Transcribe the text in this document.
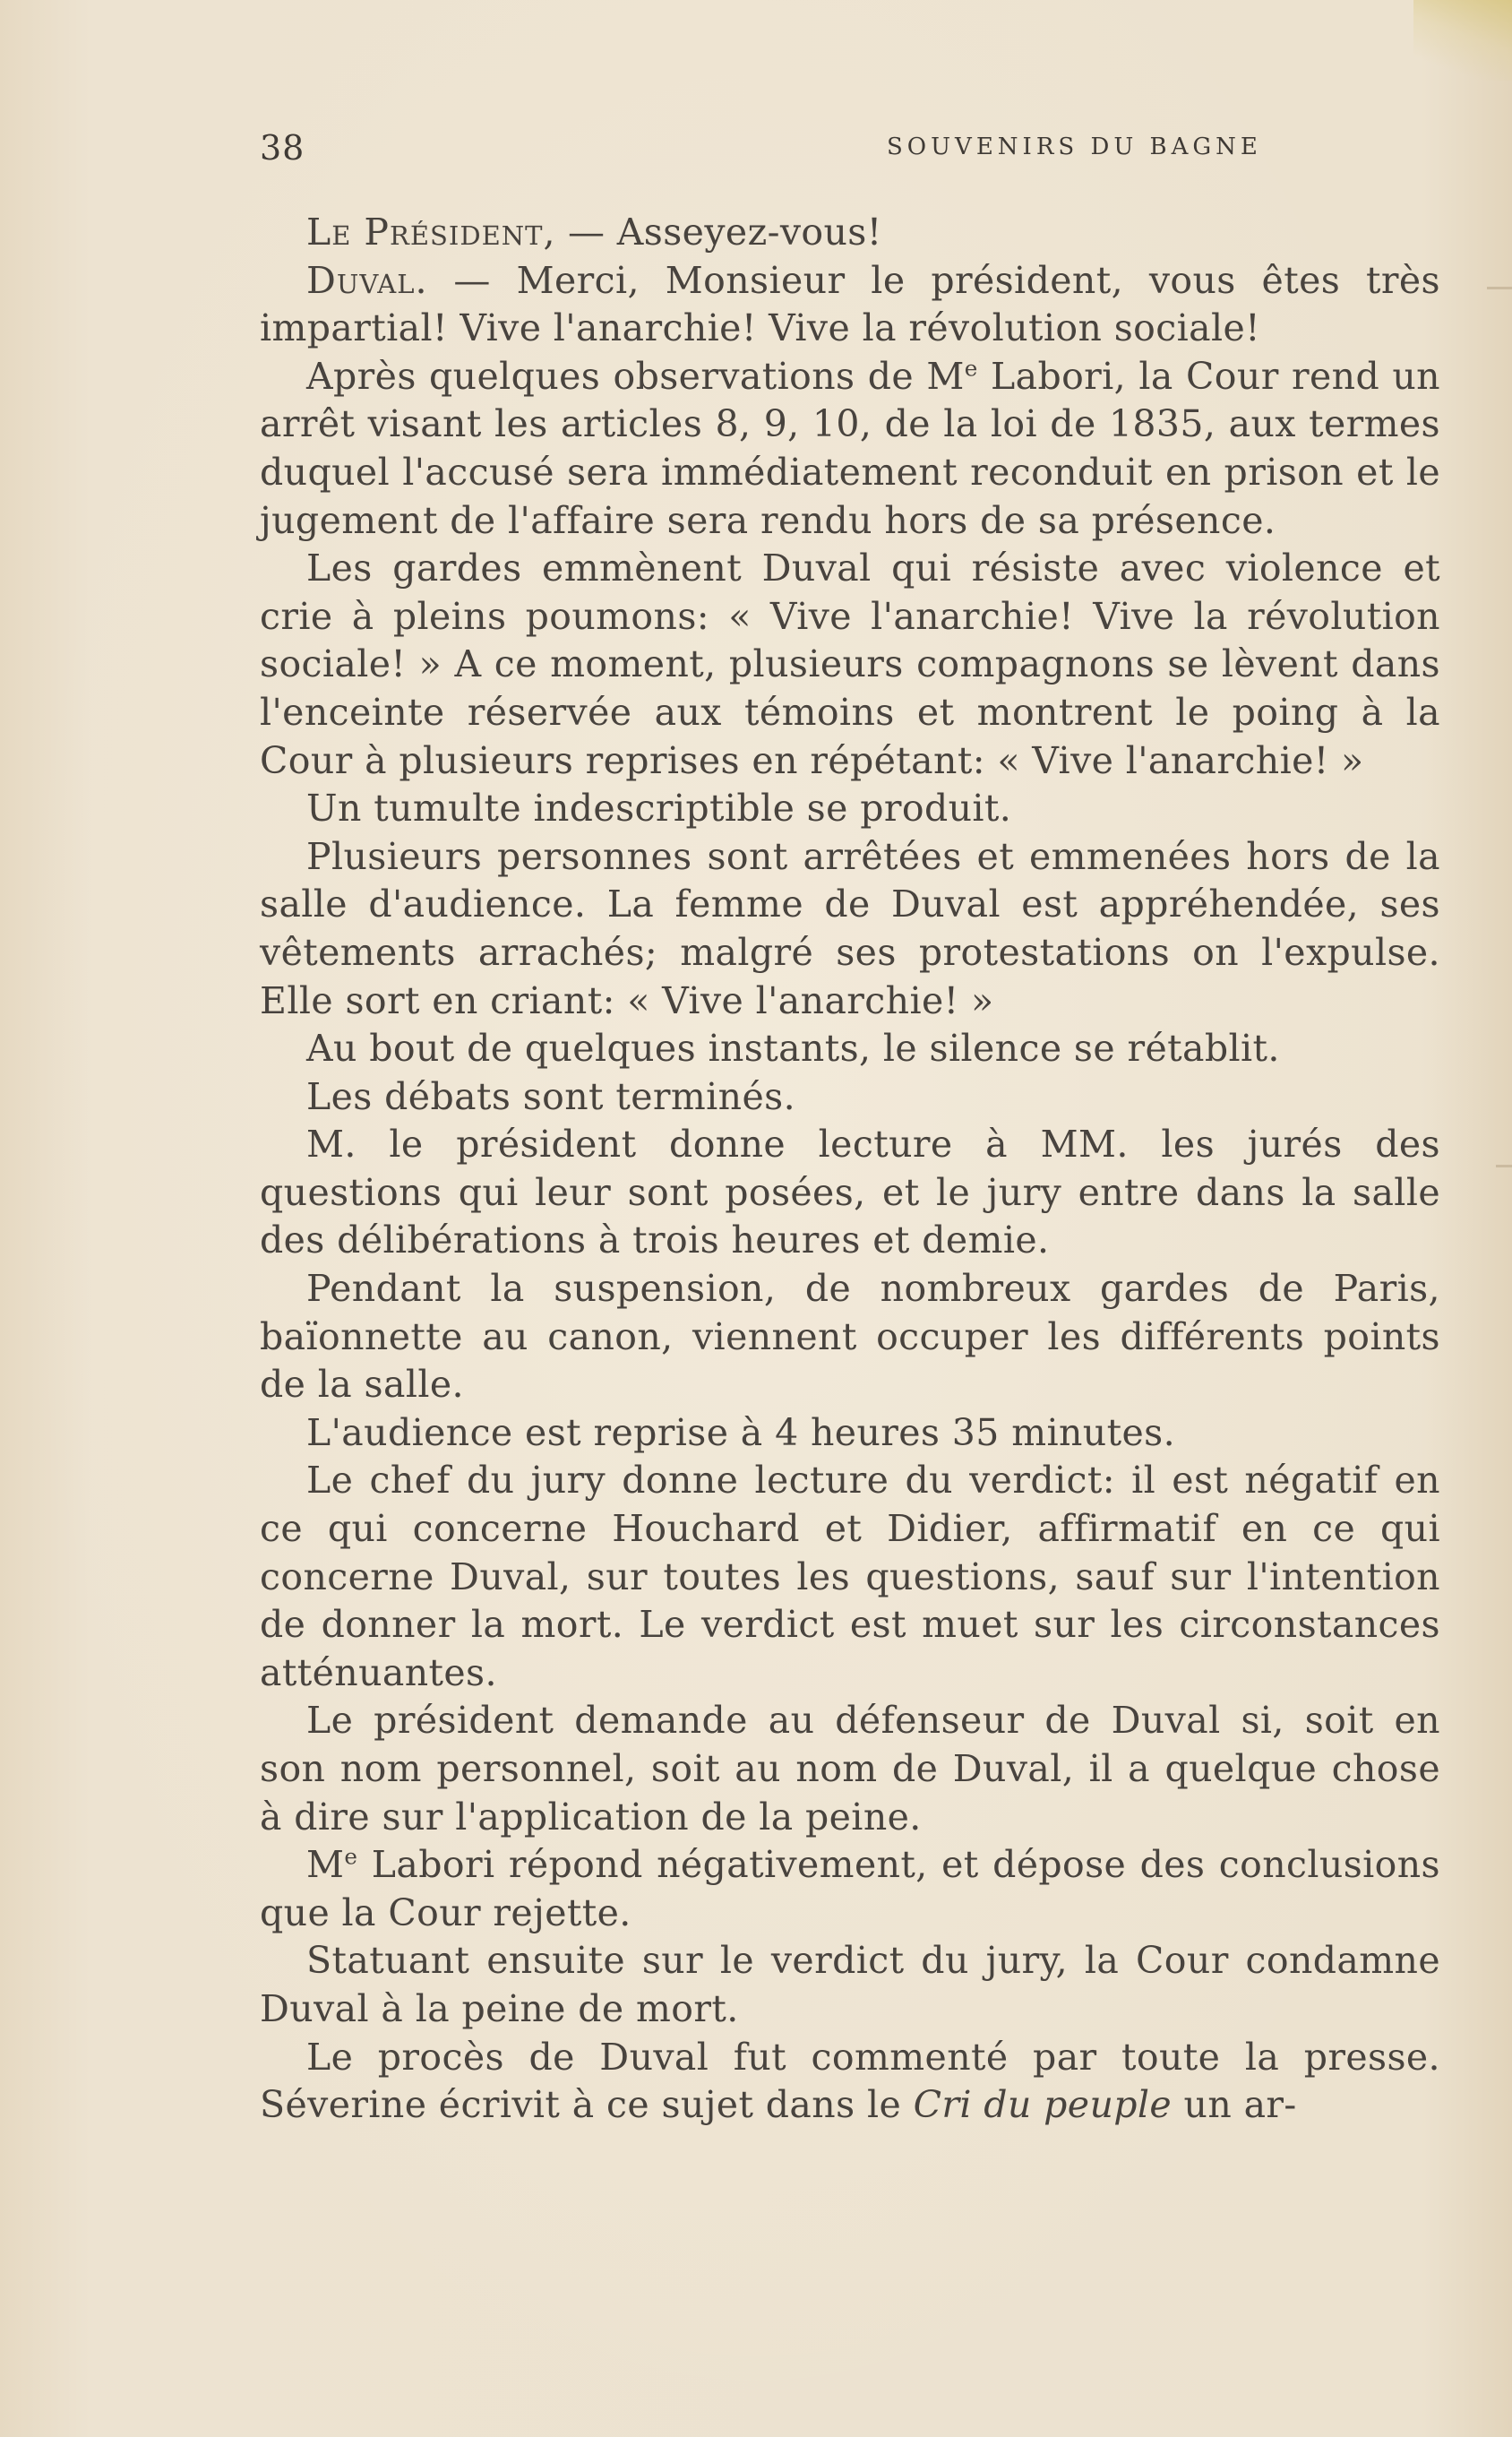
38	SOUVENIRS DU BAGNE

Le Président, — Asseyez-vous!

Duval. — Merci, Monsieur le président, vous êtes très impartial! Vive l'anarchie! Vive la révolution sociale!

Après quelques observations de Me Labori, la Cour rend un arrêt visant les articles 8, 9, 10, de la loi de 1835, aux termes duquel l'accusé sera immédiatement reconduit en prison et le jugement de l'affaire sera rendu hors de sa présence.

Les gardes emmènent Duval qui résiste avec violence et crie à pleins poumons: « Vive l'anarchie! Vive la révolution sociale! » A ce moment, plusieurs compagnons se lèvent dans l'enceinte réservée aux témoins et montrent le poing à la Cour à plusieurs reprises en répétant: « Vive l'anarchie! »

Un tumulte indescriptible se produit.

Plusieurs personnes sont arrêtées et emmenées hors de la salle d'audience. La femme de Duval est appréhendée, ses vêtements arrachés; malgré ses protestations on l'expulse. Elle sort en criant: « Vive l'anarchie! »

Au bout de quelques instants, le silence se rétablit.

Les débats sont terminés.

M. le président donne lecture à MM. les jurés des questions qui leur sont posées, et le jury entre dans la salle des délibérations à trois heures et demie.

Pendant la suspension, de nombreux gardes de Paris, baïonnette au canon, viennent occuper les différents points de la salle.

L'audience est reprise à 4 heures 35 minutes.

Le chef du jury donne lecture du verdict: il est négatif en ce qui concerne Houchard et Didier, affirmatif en ce qui concerne Duval, sur toutes les questions, sauf sur l'intention de donner la mort. Le verdict est muet sur les circonstances atténuantes.

Le président demande au défenseur de Duval si, soit en son nom personnel, soit au nom de Duval, il a quelque chose à dire sur l'application de la peine.

Me Labori répond négativement, et dépose des conclusions que la Cour rejette.

Statuant ensuite sur le verdict du jury, la Cour condamne Duval à la peine de mort.

Le procès de Duval fut commenté par toute la presse. Séverine écrivit à ce sujet dans le Cri du peuple un ar-
